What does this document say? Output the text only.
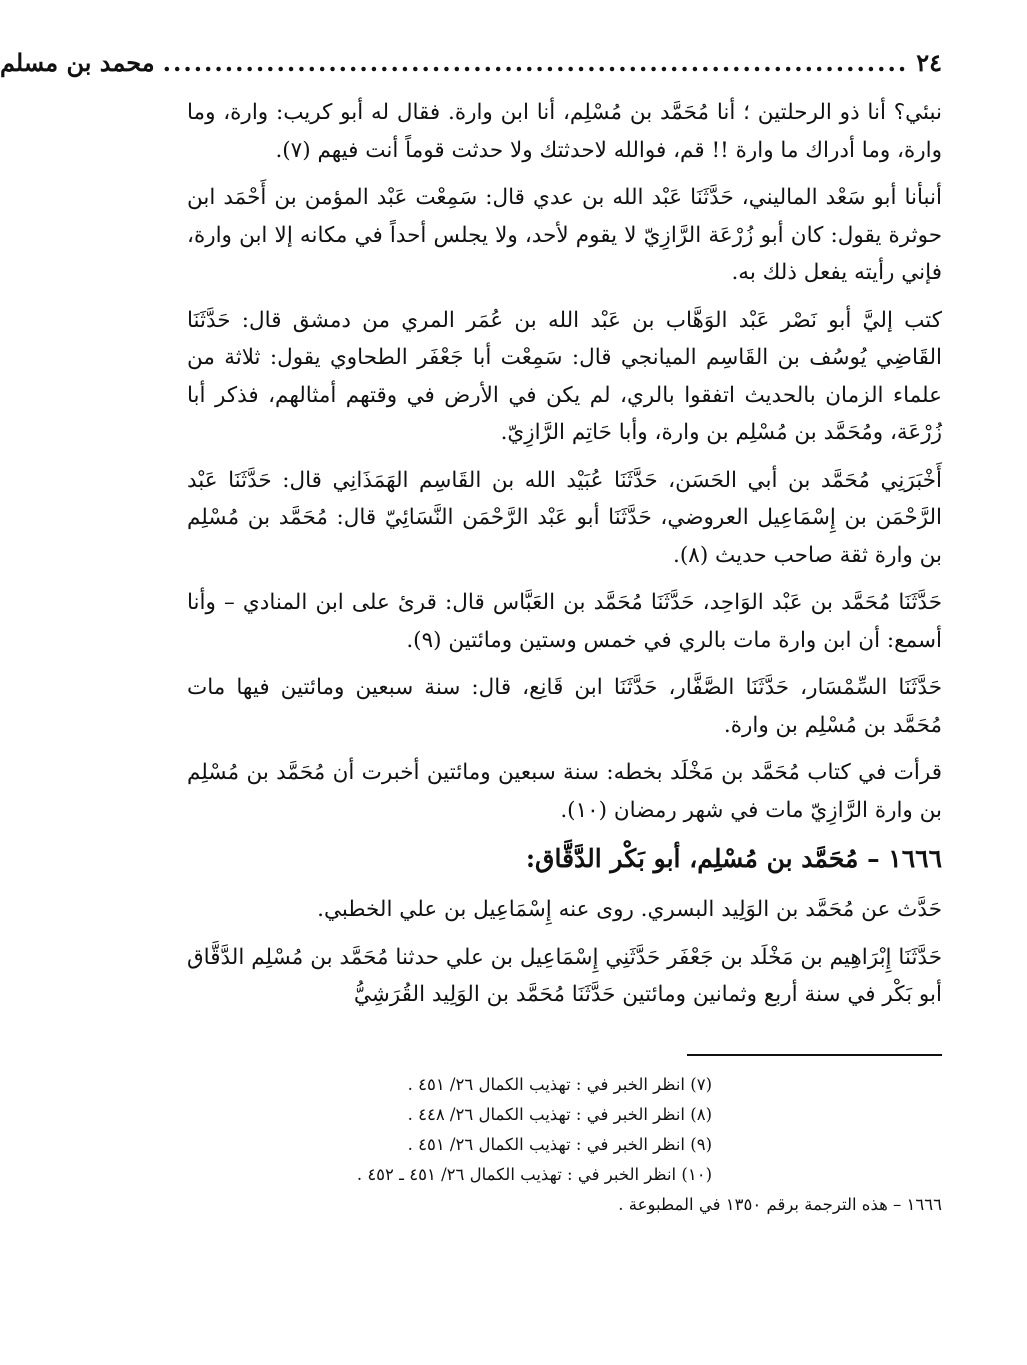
٢٤
........................................................................
محمد بن مسلم

نبئي؟ أنا ذو الرحلتين ؛ أنا مُحَمَّد بن مُسْلِم، أنا ابن وارة. فقال له أبو كريب: وارة، وما وارة، وما أدراك ما وارة !! قم، فوالله لاحدثتك ولا حدثت قوماً أنت فيهم (٧).

أنبأنا أبو سَعْد الماليني، حَدَّثَنَا عَبْد الله بن عدي قال: سَمِعْت عَبْد المؤمن بن أَحْمَد ابن حوثرة يقول: كان أبو زُرْعَة الرَّازِيّ لا يقوم لأحد، ولا يجلس أحداً في مكانه إلا ابن وارة، فإني رأيته يفعل ذلك به.

كتب إليَّ أبو نَصْر عَبْد الوَهَّاب بن عَبْد الله بن عُمَر المري من دمشق قال: حَدَّثَنَا القَاضِي يُوسُف بن القَاسِم الميانجي قال: سَمِعْت أبا جَعْفَر الطحاوي يقول: ثلاثة من علماء الزمان بالحديث اتفقوا بالري، لم يكن في الأرض في وقتهم أمثالهم، فذكر أبا زُرْعَة، ومُحَمَّد بن مُسْلِم بن وارة، وأبا حَاتِم الرَّازِيّ.

أَخْبَرَنِي مُحَمَّد بن أبي الحَسَن، حَدَّثَنَا عُبَيْد الله بن القَاسِم الهَمَذَانِي قال: حَدَّثَنَا عَبْد الرَّحْمَن بن إِسْمَاعِيل العروضي، حَدَّثَنَا أبو عَبْد الرَّحْمَن النَّسَائِيّ قال: مُحَمَّد بن مُسْلِم بن وارة ثقة صاحب حديث (٨).

حَدَّثَنَا مُحَمَّد بن عَبْد الوَاحِد، حَدَّثَنَا مُحَمَّد بن العَبَّاس قال: قرئ على ابن المنادي – وأنا أسمع: أن ابن وارة مات بالري في خمس وستين ومائتين (٩).

حَدَّثَنَا السِّمْسَار، حَدَّثَنَا الصَّفَّار، حَدَّثَنَا ابن قَانِع، قال: سنة سبعين ومائتين فيها مات مُحَمَّد بن مُسْلِم بن وارة.

قرأت في كتاب مُحَمَّد بن مَخْلَد بخطه: سنة سبعين ومائتين أخبرت أن مُحَمَّد بن مُسْلِم بن وارة الرَّازِيّ مات في شهر رمضان (١٠).

١٦٦٦ – مُحَمَّد بن مُسْلِم، أبو بَكْر الدَّقَّاق:

حَدَّث عن مُحَمَّد بن الوَلِيد البسري. روى عنه إِسْمَاعِيل بن علي الخطبي.

حَدَّثَنَا إِبْرَاهِيم بن مَخْلَد بن جَعْفَر حَدَّثَنِي إِسْمَاعِيل بن علي حدثنا مُحَمَّد بن مُسْلِم الدَّقَّاق أبو بَكْر في سنة أربع وثمانين ومائتين حَدَّثَنَا مُحَمَّد بن الوَلِيد القُرَشِيُّ

(٧) انظر الخبر في : تهذيب الكمال ٢٦/ ٤٥١ .
(٨) انظر الخبر في : تهذيب الكمال ٢٦/ ٤٤٨ .
(٩) انظر الخبر في : تهذيب الكمال ٢٦/ ٤٥١ .
(١٠) انظر الخبر في : تهذيب الكمال ٢٦/ ٤٥١ ـ ٤٥٢ .
١٦٦٦ – هذه الترجمة برقم ١٣٥٠ في المطبوعة .
